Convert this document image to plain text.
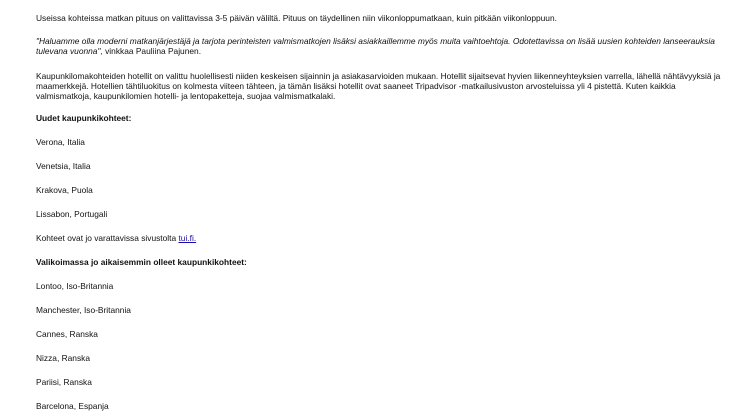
Useissa kohteissa matkan pituus on valittavissa 3-5 päivän väliltä. Pituus on täydellinen niin viikonloppumatkaan, kuin pitkään viikonloppuun.

"Haluamme olla moderni matkanjärjestäjä ja tarjota perinteisten valmismatkojen lisäksi asiakkaillemme myös muita vaihtoehtoja. Odotettavissa on lisää uusien kohteiden lanseerauksia tulevana vuonna", vinkkaa Pauliina Pajunen.

Kaupunkilomakohteiden hotellit on valittu huolellisesti niiden keskeisen sijainnin ja asiakasarvioiden mukaan. Hotellit sijaitsevat hyvien liikenneyhteyksien varrella, lähellä nähtävyyksiä ja maamerkkejä. Hotellien tähtiluokitus on kolmesta viiteen tähteen, ja tämän lisäksi hotellit ovat saaneet Tripadvisor -matkailusivuston arvosteluissa yli 4 pistettä. Kuten kaikkia valmismatkoja, kaupunkilomien hotelli- ja lentopaketteja, suojaa valmismatkalaki.

Uudet kaupunkikohteet:

Verona, Italia

Venetsia, Italia

Krakova, Puola

Lissabon, Portugali

Kohteet ovat jo varattavissa sivustolta tui.fi.

Valikoimassa jo aikaisemmin olleet kaupunkikohteet:

Lontoo, Iso-Britannia

Manchester, Iso-Britannia

Cannes, Ranska

Nizza, Ranska

Pariisi, Ranska

Barcelona, Espanja
